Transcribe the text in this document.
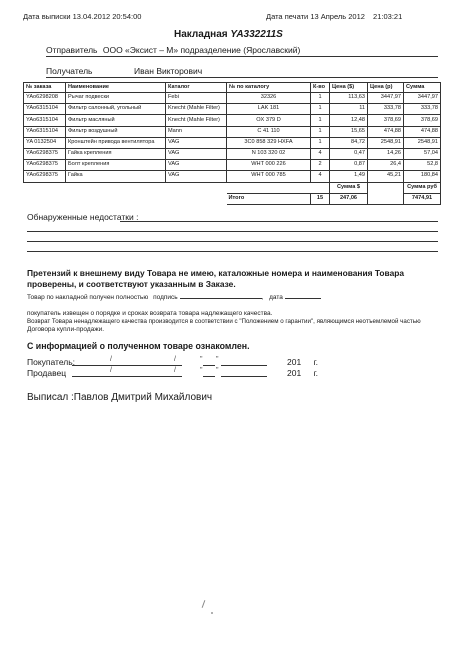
Дата выписки 13.04.2012 20:54:00	Дата печати 13 Апрель 2012 21:03:21
Накладная YA332211S
Отправитель ООО «Эксист – М» подразделение (Ярославский)
Получатель	Иван Викторович
№ заказа	Наименование	Каталог	№ по каталогу	К-во	Цена ($)	Цена (р)	Сумма
YAо6298208	Рычаг подвески	Febi	32326	1	113,63	3447,97	3447,97
YAо6315104	Фильтр салонный, угольный	Knecht (Mahle Filter)	LAK 181	1	11	333,78	333,78
YAо6315104	Фильтр масляный	Knecht (Mahle Filter)	OX 379 D	1	12,48	378,69	378,69
YAо6315104	Фильтр воздушный	Mann	C 41 110	1	15,65	474,88	474,88
YA 0132504	Кронштейн привода вентилятора	VAG	3C0 858 329 HXFA	1	84,72	2548,91	2548,91
YAо6298375	Гайка крепления	VAG	N 103 320 02	4	0,47	14,26	57,04
YAо6298375	Болт крепления	VAG	WHT 000 226	2	0,87	26,4	52,8
YAо6298375	Гайка	VAG	WHT 000 785	4	1,49	45,21	180,84
					Сумма $		Сумма руб
			Итого	15	247,06		7474,91
Обнаруженные недостатки :
Претензий к внешнему виду Товара не имею, каталожные номера и наименования Товара
проверены, и соответствуют указанным в Заказе.
Товар по накладной получен полностью подпись	, дата
покупатель извещен о порядке и сроках возврата товара надлежащего качества.
Возврат Товара ненадлежащего качества производится в соответствии с "Положением о гарантии", являющимся неотъемлемой частью
Договора купли-продажи.
С информацией о полученном товаре ознакомлен.
Покупатель:
Продавец
/	/
/	/
" "
" "
201 г.
201 г.
Выписал :Павлов Дмитрий Михайлович
